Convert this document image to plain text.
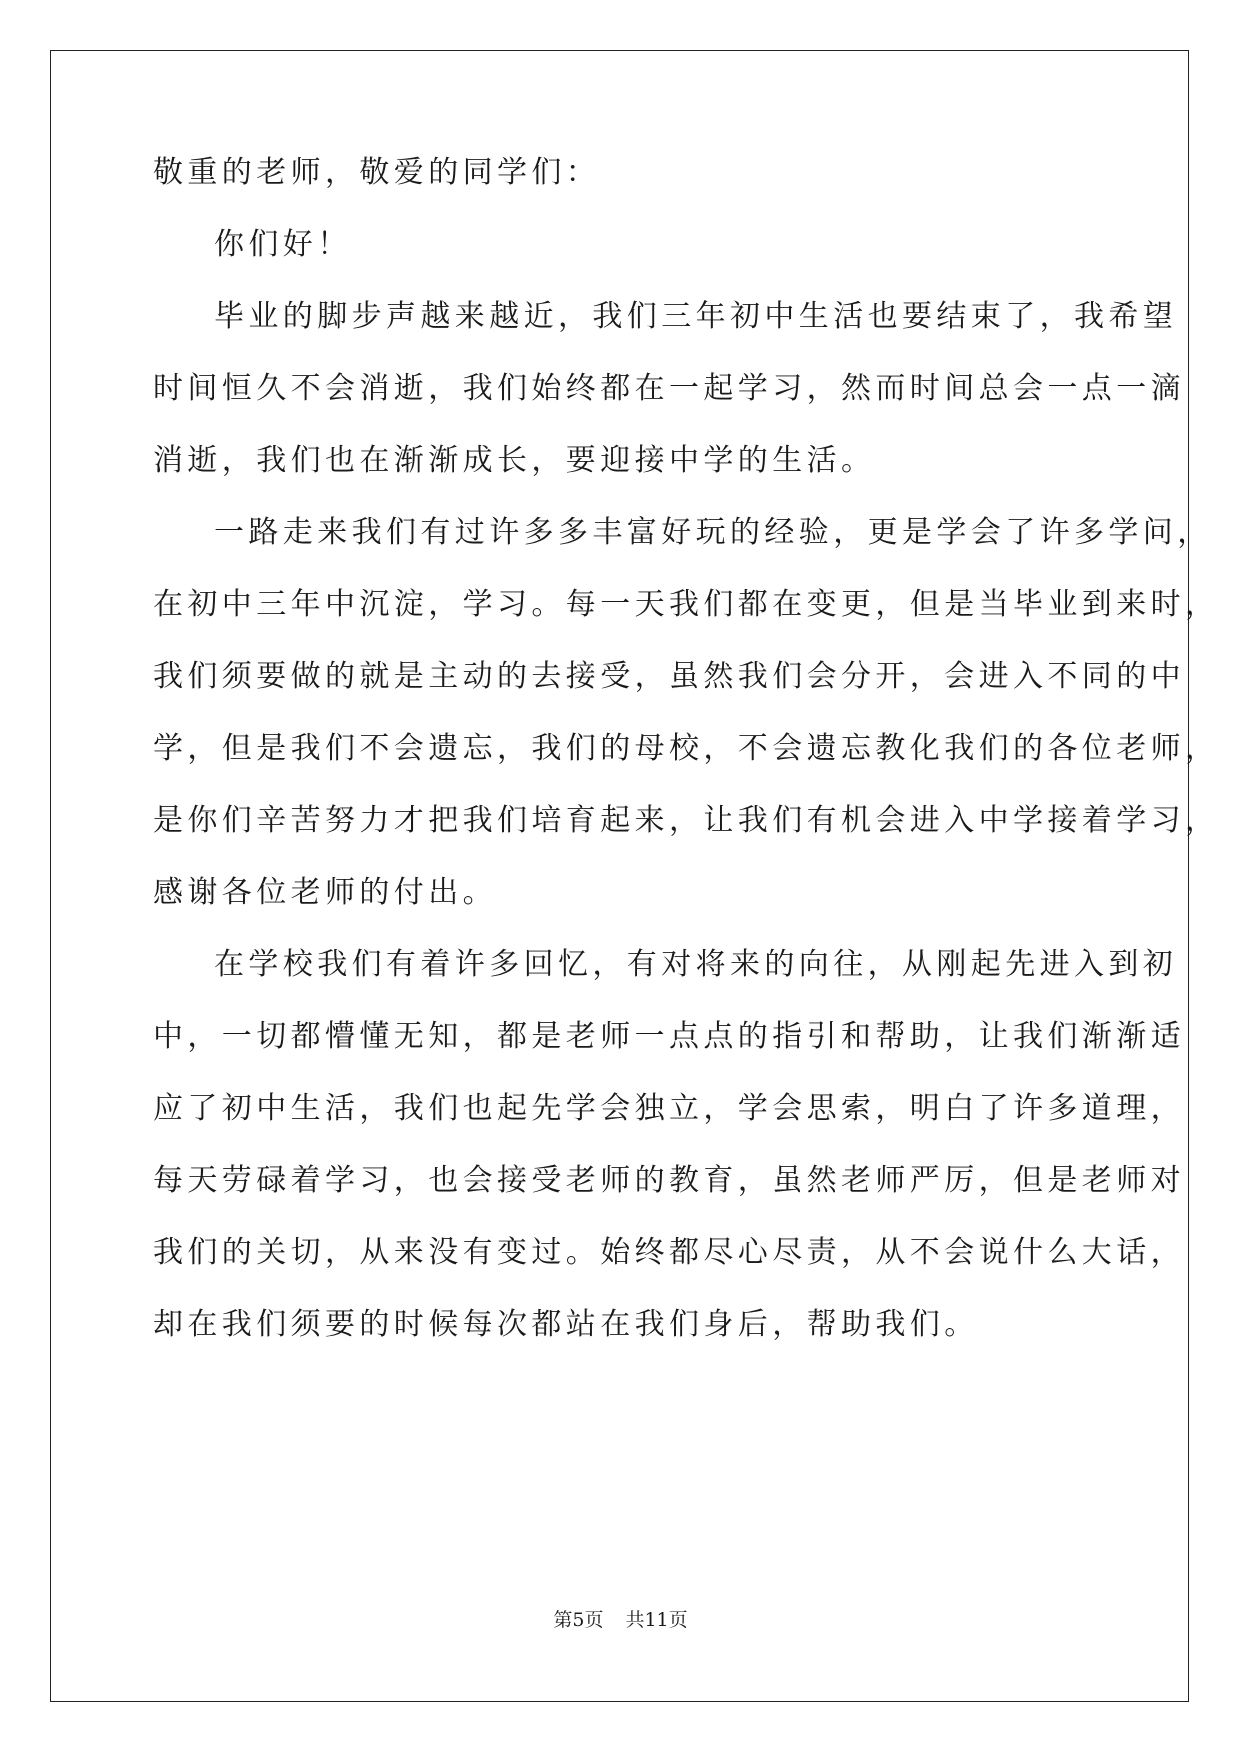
敬重的老师，敬爱的同学们：
你们好！
毕业的脚步声越来越近，我们三年初中生活也要结束了，我希望
时间恒久不会消逝，我们始终都在一起学习，然而时间总会一点一滴
消逝，我们也在渐渐成长，要迎接中学的生活。
一路走来我们有过许多多丰富好玩的经验，更是学会了许多学问，
在初中三年中沉淀，学习。每一天我们都在变更，但是当毕业到来时，
我们须要做的就是主动的去接受，虽然我们会分开，会进入不同的中
学，但是我们不会遗忘，我们的母校，不会遗忘教化我们的各位老师，
是你们辛苦努力才把我们培育起来，让我们有机会进入中学接着学习，
感谢各位老师的付出。
在学校我们有着许多回忆，有对将来的向往，从刚起先进入到初
中，一切都懵懂无知，都是老师一点点的指引和帮助，让我们渐渐适
应了初中生活，我们也起先学会独立，学会思索，明白了许多道理，
每天劳碌着学习，也会接受老师的教育，虽然老师严厉，但是老师对
我们的关切，从来没有变过。始终都尽心尽责，从不会说什么大话，
却在我们须要的时候每次都站在我们身后，帮助我们。
第5页 共11页
